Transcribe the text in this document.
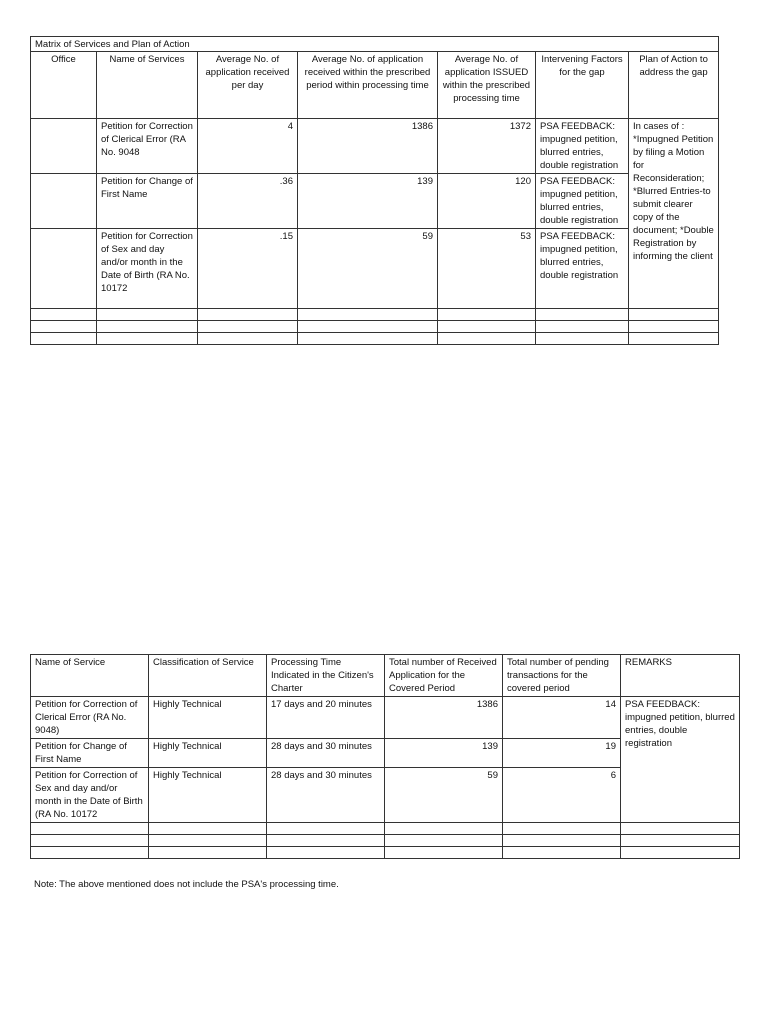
Matrix of Services and Plan of Action						
Office	Name of Services	Average No. of application received per day	Average No. of application received within the prescribed period within processing time	Average No. of application ISSUED within the prescribed processing time	Intervening Factors for the gap	Plan of Action to address the gap
	Petition for Correction of Clerical Error (RA No. 9048	4	1386	1372	PSA FEEDBACK: impugned petition, blurred entries, double registration	In cases of : *Impugned Petition by filing a Motion for Reconsideration; *Blurred Entries-to submit clearer copy of the document; *Double Registration by informing the client
	Petition for Change of First Name	.36	139	120	PSA FEEDBACK: impugned petition, blurred entries, double registration	
	Petition for Correction of Sex and day and/or month in the Date of Birth (RA No. 10172	.15	59	53	PSA FEEDBACK: impugned petition, blurred entries, double registration	

Name of Service	Classification of Service	Processing Time Indicated in the Citizen's Charter	Total number of Received Application for the Covered Period	Total number of pending transactions for the covered period	REMARKS
Petition for Correction of Clerical Error (RA No. 9048)	Highly Technical	17 days and 20 minutes	1386	14	PSA FEEDBACK: impugned petition, blurred entries, double registration
Petition for Change of First Name	Highly Technical	28 days and 30 minutes	139	19	
Petition for Correction of Sex and day and/or month in the Date of Birth (RA No. 10172	Highly Technical	28 days and 30 minutes	59	6	

Note: The above mentioned does not include the PSA's processing time.
